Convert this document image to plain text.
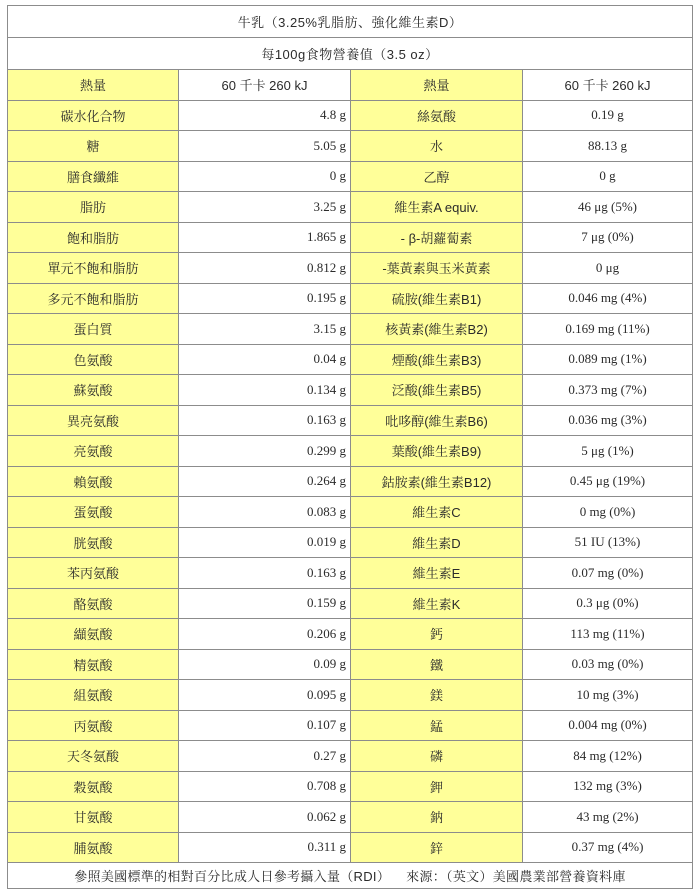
牛乳（3.25%乳脂肪、強化維生素D）			
每100g食物營養值（3.5 oz）			
熱量	60 千卡 260 kJ	熱量	60 千卡 260 kJ
碳水化合物	4.8 g	絲氨酸	0.19 g
糖	5.05 g	水	88.13 g
膳食纖維	0 g	乙醇	0 g
脂肪	3.25 g	維生素A equiv.	46 μg (5%)
飽和脂肪	1.865 g	- β-胡蘿蔔素	7 μg (0%)
單元不飽和脂肪	0.812 g	-葉黃素與玉米黃素	0 μg
多元不飽和脂肪	0.195 g	硫胺(維生素B1)	0.046 mg (4%)
蛋白質	3.15 g	核黃素(維生素B2)	0.169 mg (11%)
色氨酸	0.04 g	煙酸(維生素B3)	0.089 mg (1%)
蘇氨酸	0.134 g	泛酸(維生素B5)	0.373 mg (7%)
異亮氨酸	0.163 g	吡哆醇(維生素B6)	0.036 mg (3%)
亮氨酸	0.299 g	葉酸(維生素B9)	5 μg (1%)
賴氨酸	0.264 g	鈷胺素(維生素B12)	0.45 μg (19%)
蛋氨酸	0.083 g	維生素C	0 mg (0%)
胱氨酸	0.019 g	維生素D	51 IU (13%)
苯丙氨酸	0.163 g	維生素E	0.07 mg (0%)
酪氨酸	0.159 g	維生素K	0.3 μg (0%)
纈氨酸	0.206 g	鈣	113 mg (11%)
精氨酸	0.09 g	鐵	0.03 mg (0%)
組氨酸	0.095 g	鎂	10 mg (3%)
丙氨酸	0.107 g	錳	0.004 mg (0%)
天冬氨酸	0.27 g	磷	84 mg (12%)
穀氨酸	0.708 g	鉀	132 mg (3%)
甘氨酸	0.062 g	鈉	43 mg (2%)
脯氨酸	0.311 g	鋅	0.37 mg (4%)
參照美國標準的相對百分比成人日參考攝入量（RDI） 來源：（英文）美國農業部營養資料庫			
